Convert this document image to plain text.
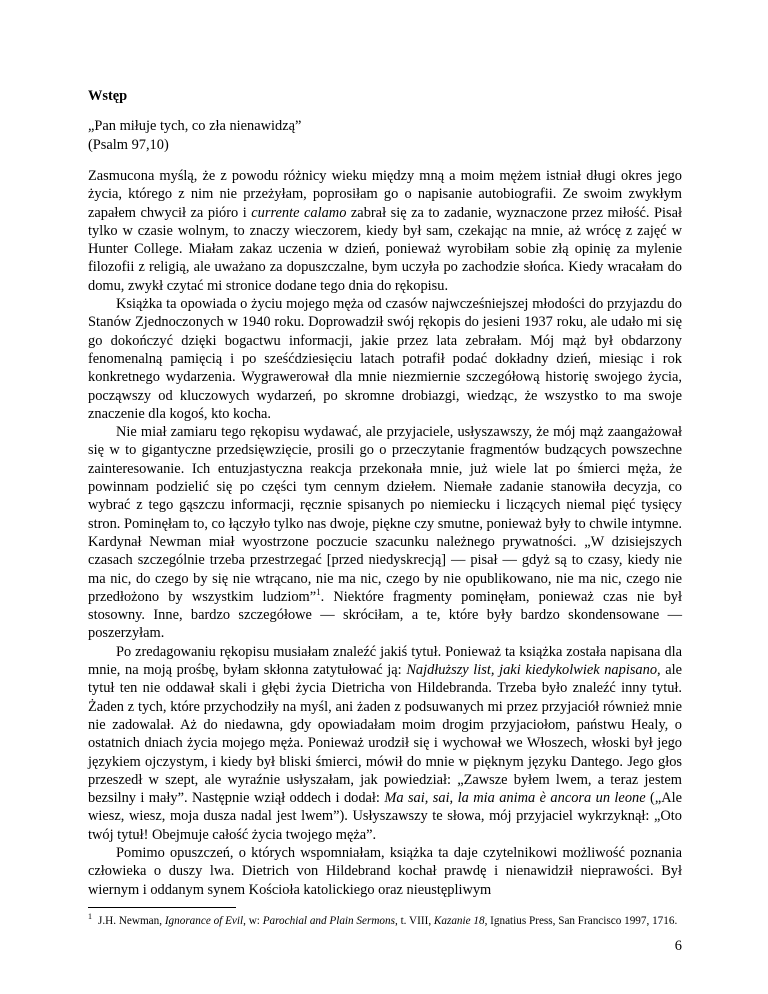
Wstęp
„Pan miłuje tych, co zła nienawidzą”
(Psalm 97,10)

Zasmucona myślą, że z powodu różnicy wieku między mną a moim mężem istniał długi okres jego życia, którego z nim nie przeżyłam, poprosiłam go o napisanie autobiografii. Ze swoim zwykłym zapałem chwycił za pióro i currente calamo zabrał się za to zadanie, wyznaczone przez miłość. Pisał tylko w czasie wolnym, to znaczy wieczorem, kiedy był sam, czekając na mnie, aż wrócę z zajęć w Hunter College. Miałam zakaz uczenia w dzień, ponieważ wyrobiłam sobie złą opinię za mylenie filozofii z religią, ale uważano za dopuszczalne, bym uczyła po zachodzie słońca. Kiedy wracałam do domu, zwykł czytać mi stronice dodane tego dnia do rękopisu.

Książka ta opowiada o życiu mojego męża od czasów najwcześniejszej młodości do przyjazdu do Stanów Zjednoczonych w 1940 roku. Doprowadził swój rękopis do jesieni 1937 roku, ale udało mi się go dokończyć dzięki bogactwu informacji, jakie przez lata zebrałam. Mój mąż był obdarzony fenomenalną pamięcią i po sześćdziesięciu latach potrafił podać dokładny dzień, miesiąc i rok konkretnego wydarzenia. Wygrawerował dla mnie niezmiernie szczegółową historię swojego życia, począwszy od kluczowych wydarzeń, po skromne drobiazgi, wiedząc, że wszystko to ma swoje znaczenie dla kogoś, kto kocha.

Nie miał zamiaru tego rękopisu wydawać, ale przyjaciele, usłyszawszy, że mój mąż zaangażował się w to gigantyczne przedsięwzięcie, prosili go o przeczytanie fragmentów budzących powszechne zainteresowanie. Ich entuzjastyczna reakcja przekonała mnie, już wiele lat po śmierci męża, że powinnam podzielić się po części tym cennym dziełem. Niemałe zadanie stanowiła decyzja, co wybrać z tego gąszczu informacji, ręcznie spisanych po niemiecku i liczących niemal pięć tysięcy stron. Pominęłam to, co łączyło tylko nas dwoje, piękne czy smutne, ponieważ były to chwile intymne. Kardynał Newman miał wyostrzone poczucie szacunku należnego prywatności. „W dzisiejszych czasach szczególnie trzeba przestrzegać [przed niedyskrecją] — pisał — gdyż są to czasy, kiedy nie ma nic, do czego by się nie wtrącano, nie ma nic, czego by nie opublikowano, nie ma nic, czego nie przedłożono by wszystkim ludziom”$^1$. Niektóre fragmenty pominęłam, ponieważ czas nie był stosowny. Inne, bardzo szczegółowe — skróciłam, a te, które były bardzo skondensowane — poszerzyłam.

Po zredagowaniu rękopisu musiałam znaleźć jakiś tytuł. Ponieważ ta książka została napisana dla mnie, na moją prośbę, byłam skłonna zatytułować ją: Najdłuższy list, jaki kiedykolwiek napisano, ale tytuł ten nie oddawał skali i głębi życia Dietricha von Hildebranda. Trzeba było znaleźć inny tytuł. Żaden z tych, które przychodziły na myśl, ani żaden z podsuwanych mi przez przyjaciół również mnie nie zadowalał. Aż do niedawna, gdy opowiadałam moim drogim przyjaciołom, państwu Healy, o ostatnich dniach życia mojego męża. Ponieważ urodził się i wychował we Włoszech, włoski był jego językiem ojczystym, i kiedy był bliski śmierci, mówił do mnie w pięknym języku Dantego. Jego głos przeszedł w szept, ale wyraźnie usłyszałam, jak powiedział: „Zawsze byłem lwem, a teraz jestem bezsilny i mały”. Następnie wziął oddech i dodał: Ma sai, sai, la mia anima è ancora un leone („Ale wiesz, wiesz, moja dusza nadal jest lwem”). Usłyszawszy te słowa, mój przyjaciel wykrzyknął: „Oto twój tytuł! Obejmuje całość życia twojego męża”.

Pomimo opuszczeń, o których wspomniałam, książka ta daje czytelnikowi możliwość poznania człowieka o duszy lwa. Dietrich von Hildebrand kochał prawdę i nienawidził nieprawości. Był wiernym i oddanym synem Kościoła katolickiego oraz nieustępliwym

$^1$ J.H. Newman, Ignorance of Evil, w: Parochial and Plain Sermons, t. VIII, Kazanie 18, Ignatius Press, San Francisco 1997, 1716.
6
